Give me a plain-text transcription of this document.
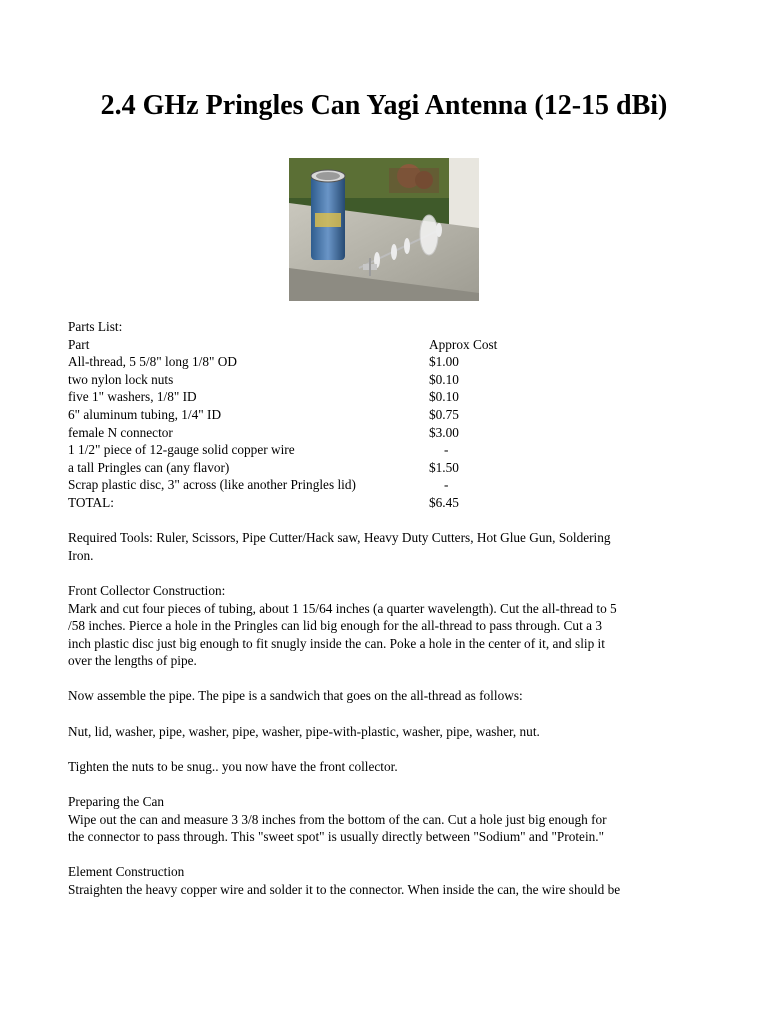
2.4 GHz Pringles Can Yagi Antenna (12-15 dBi)

Parts List:

Part	Approx Cost
All-thread, 5 5/8" long 1/8" OD	$1.00
two nylon lock nuts	$0.10
five 1" washers, 1/8" ID	$0.10
6" aluminum tubing, 1/4" ID	$0.75
female N connector	$3.00
1 1/2" piece of 12-gauge solid copper wire	-
a tall Pringles can (any flavor)	$1.50
Scrap plastic disc, 3" across (like another Pringles lid)	-
TOTAL:	$6.45

Required Tools: Ruler, Scissors, Pipe Cutter/Hack saw, Heavy Duty Cutters, Hot Glue Gun, Soldering

Iron.

Front Collector Construction:

Mark and cut four pieces of tubing, about 1 15/64 inches (a quarter wavelength). Cut the all-thread to 5

/58 inches. Pierce a hole in the Pringles can lid big enough for the all-thread to pass through. Cut a 3

inch plastic disc just big enough to fit snugly inside the can. Poke a hole in the center of it, and slip it

over the lengths of pipe.

Now assemble the pipe. The pipe is a sandwich that goes on the all-thread as follows:

Nut, lid, washer, pipe, washer, pipe, washer, pipe-with-plastic, washer, pipe, washer, nut.

Tighten the nuts to be snug.. you now have the front collector.

Preparing the Can

Wipe out the can and measure 3 3/8 inches from the bottom of the can. Cut a hole just big enough for

the connector to pass through. This "sweet spot" is usually directly between "Sodium" and "Protein."

Element Construction

Straighten the heavy copper wire and solder it to the connector. When inside the can, the wire should be
